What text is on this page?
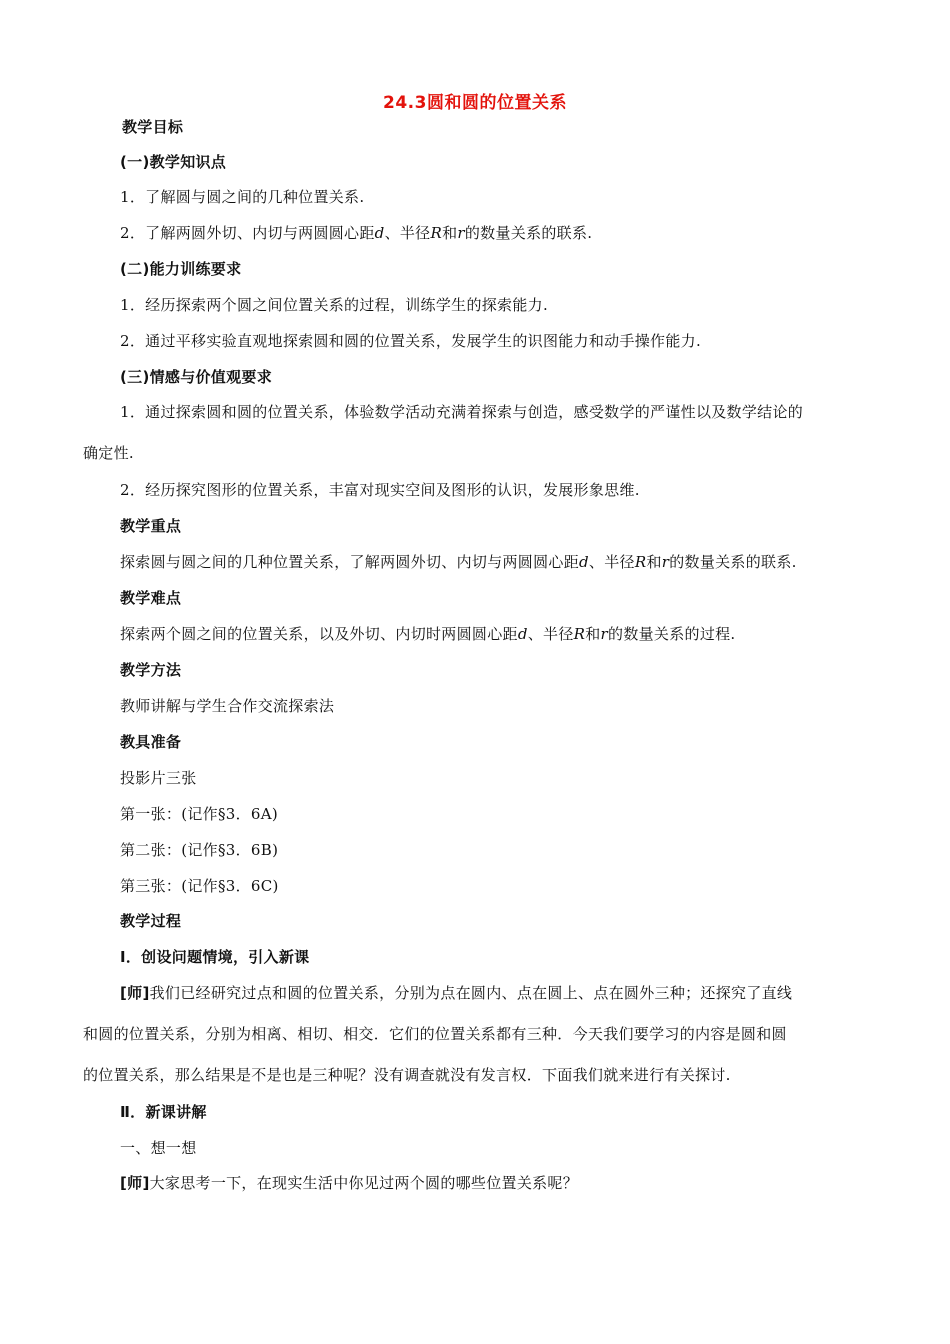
24.3圆和圆的位置关系
教学目标
(一)教学知识点
1．了解圆与圆之间的几种位置关系.
2．了解两圆外切、内切与两圆圆心距d、半径R和r的数量关系的联系.
(二)能力训练要求
1．经历探索两个圆之间位置关系的过程，训练学生的探索能力.
2．通过平移实验直观地探索圆和圆的位置关系，发展学生的识图能力和动手操作能力.
(三)情感与价值观要求
1．通过探索圆和圆的位置关系，体验数学活动充满着探索与创造，感受数学的严谨性以及数学结论的
确定性.
2．经历探究图形的位置关系，丰富对现实空间及图形的认识，发展形象思维.
教学重点
探索圆与圆之间的几种位置关系，了解两圆外切、内切与两圆圆心距d、半径R和r的数量关系的联系.
教学难点
探索两个圆之间的位置关系，以及外切、内切时两圆圆心距d、半径R和r的数量关系的过程.
教学方法
教师讲解与学生合作交流探索法
教具准备
投影片三张
第一张：(记作§3．6A)
第二张：(记作§3．6B)
第三张：(记作§3．6C)
教学过程
Ⅰ．创设问题情境，引入新课
[师]我们已经研究过点和圆的位置关系，分别为点在圆内、点在圆上、点在圆外三种；还探究了直线
和圆的位置关系，分别为相离、相切、相交．它们的位置关系都有三种．今天我们要学习的内容是圆和圆
的位置关系，那么结果是不是也是三种呢？没有调查就没有发言权．下面我们就来进行有关探讨.
Ⅱ．新课讲解
一、想一想
[师]大家思考一下，在现实生活中你见过两个圆的哪些位置关系呢？
